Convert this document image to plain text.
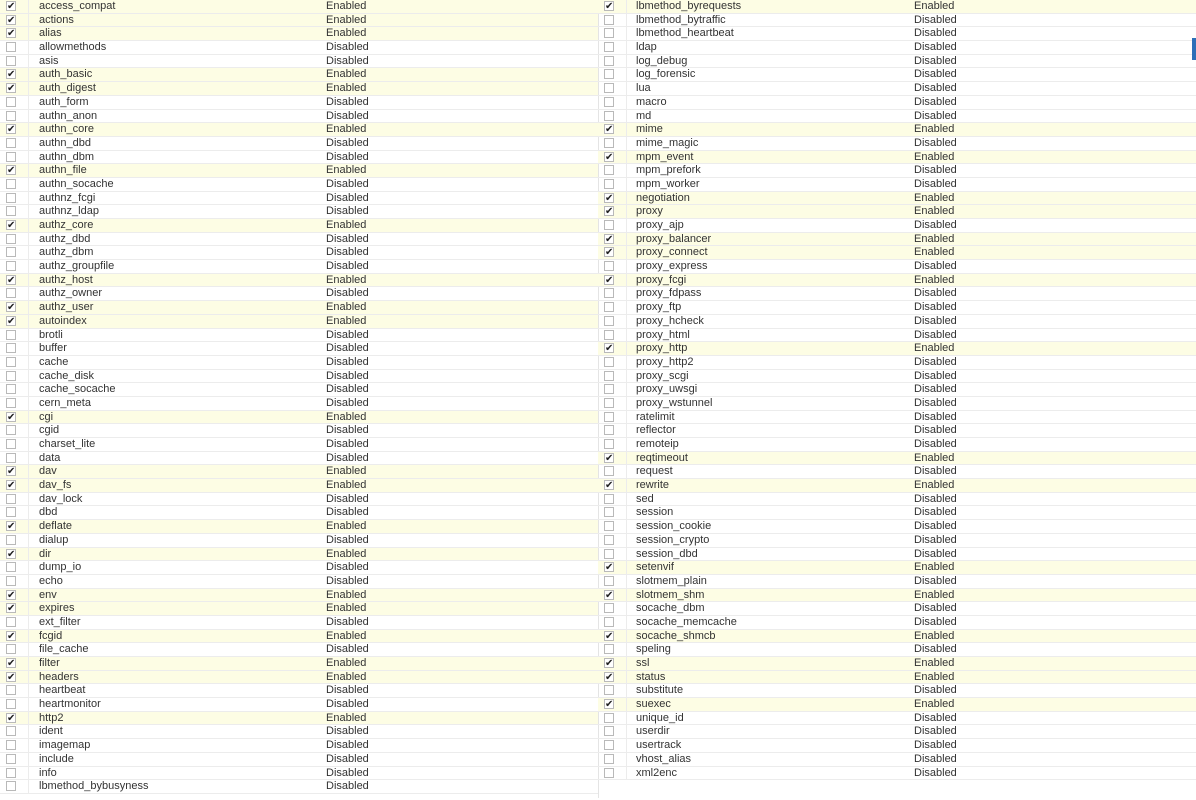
✔ access_compat	Enabled
✔ actions	Enabled
✔ alias	Enabled
allowmethods	Disabled
asis	Disabled
✔ auth_basic	Enabled
✔ auth_digest	Enabled
auth_form	Disabled
authn_anon	Disabled
✔ authn_core	Enabled
authn_dbd	Disabled
authn_dbm	Disabled
✔ authn_file	Enabled
authn_socache	Disabled
authnz_fcgi	Disabled
authnz_ldap	Disabled
✔ authz_core	Enabled
authz_dbd	Disabled
authz_dbm	Disabled
authz_groupfile	Disabled
✔ authz_host	Enabled
authz_owner	Disabled
✔ authz_user	Enabled
✔ autoindex	Enabled
brotli	Disabled
buffer	Disabled
cache	Disabled
cache_disk	Disabled
cache_socache	Disabled
cern_meta	Disabled
✔ cgi	Enabled
cgid	Disabled
charset_lite	Disabled
data	Disabled
✔ dav	Enabled
✔ dav_fs	Enabled
dav_lock	Disabled
dbd	Disabled
✔ deflate	Enabled
dialup	Disabled
✔ dir	Enabled
dump_io	Disabled
echo	Disabled
✔ env	Enabled
✔ expires	Enabled
ext_filter	Disabled
✔ fcgid	Enabled
file_cache	Disabled
✔ filter	Enabled
✔ headers	Enabled
heartbeat	Disabled
heartmonitor	Disabled
✔ http2	Enabled
ident	Disabled
imagemap	Disabled
include	Disabled
info	Disabled
lbmethod_bybusyness	Disabled
✔ lbmethod_byrequests	Enabled
lbmethod_bytraffic	Disabled
lbmethod_heartbeat	Disabled
ldap	Disabled
log_debug	Disabled
log_forensic	Disabled
lua	Disabled
macro	Disabled
md	Disabled
✔ mime	Enabled
mime_magic	Disabled
✔ mpm_event	Enabled
mpm_prefork	Disabled
mpm_worker	Disabled
✔ negotiation	Enabled
✔ proxy	Enabled
proxy_ajp	Disabled
✔ proxy_balancer	Enabled
✔ proxy_connect	Enabled
proxy_express	Disabled
✔ proxy_fcgi	Enabled
proxy_fdpass	Disabled
proxy_ftp	Disabled
proxy_hcheck	Disabled
proxy_html	Disabled
✔ proxy_http	Enabled
proxy_http2	Disabled
proxy_scgi	Disabled
proxy_uwsgi	Disabled
proxy_wstunnel	Disabled
ratelimit	Disabled
reflector	Disabled
remoteip	Disabled
✔ reqtimeout	Enabled
request	Disabled
✔ rewrite	Enabled
sed	Disabled
session	Disabled
session_cookie	Disabled
session_crypto	Disabled
session_dbd	Disabled
✔ setenvif	Enabled
slotmem_plain	Disabled
✔ slotmem_shm	Enabled
socache_dbm	Disabled
socache_memcache	Disabled
✔ socache_shmcb	Enabled
speling	Disabled
✔ ssl	Enabled
✔ status	Enabled
substitute	Disabled
✔ suexec	Enabled
unique_id	Disabled
userdir	Disabled
usertrack	Disabled
vhost_alias	Disabled
xml2enc	Disabled
